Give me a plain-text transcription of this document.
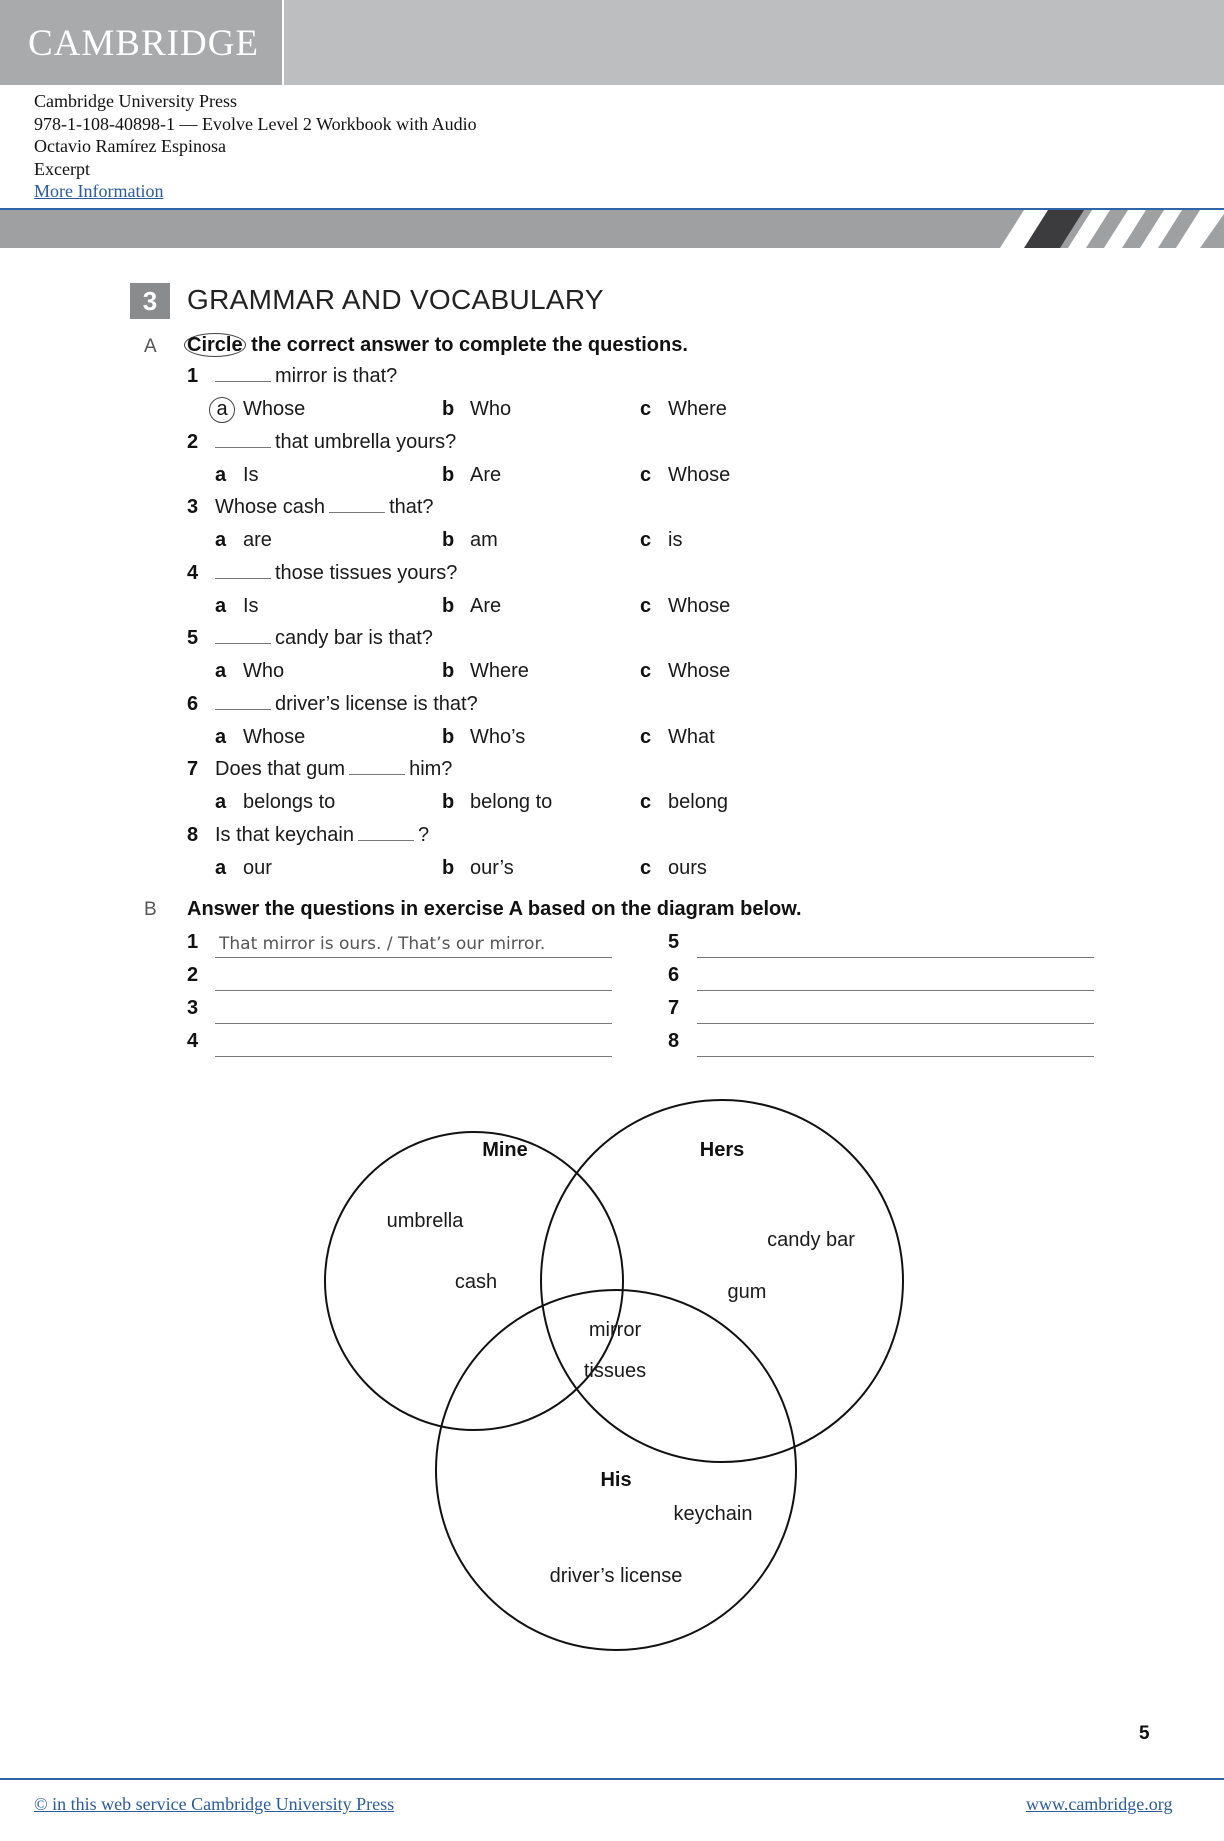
CAMBRIDGE
Cambridge University Press
978-1-108-40898-1 — Evolve Level 2 Workbook with Audio
Octavio Ramírez Espinosa
Excerpt
More Information
3	GRAMMAR AND VOCABULARY
A Circle the correct answer to complete the questions.
1	mirror is that?
a Whose	b Who	c Where
2	that umbrella yours?
a Is	b Are	c Whose
3 Whose cash	that?
a are	b am	c is
4	those tissues yours?
a Is	b Are	c Whose
5	candy bar is that?
a Who	b Where	c Whose
6	driver’s license is that?
a Whose	b Who’s	c What
7 Does that gum	him?
a belongs to	b belong to	c belong
8 Is that keychain	?
a our	b our’s	c ours
B Answer the questions in exercise A based on the diagram below.
1 That mirror is ours. / That’s our mirror.
2
3
4
5
6
7
8
Mine	Hers
His
umbrella
cash
candy bar
gum
mirror
tissues
keychain
driver’s license
5
© in this web service Cambridge University Press	www.cambridge.org
